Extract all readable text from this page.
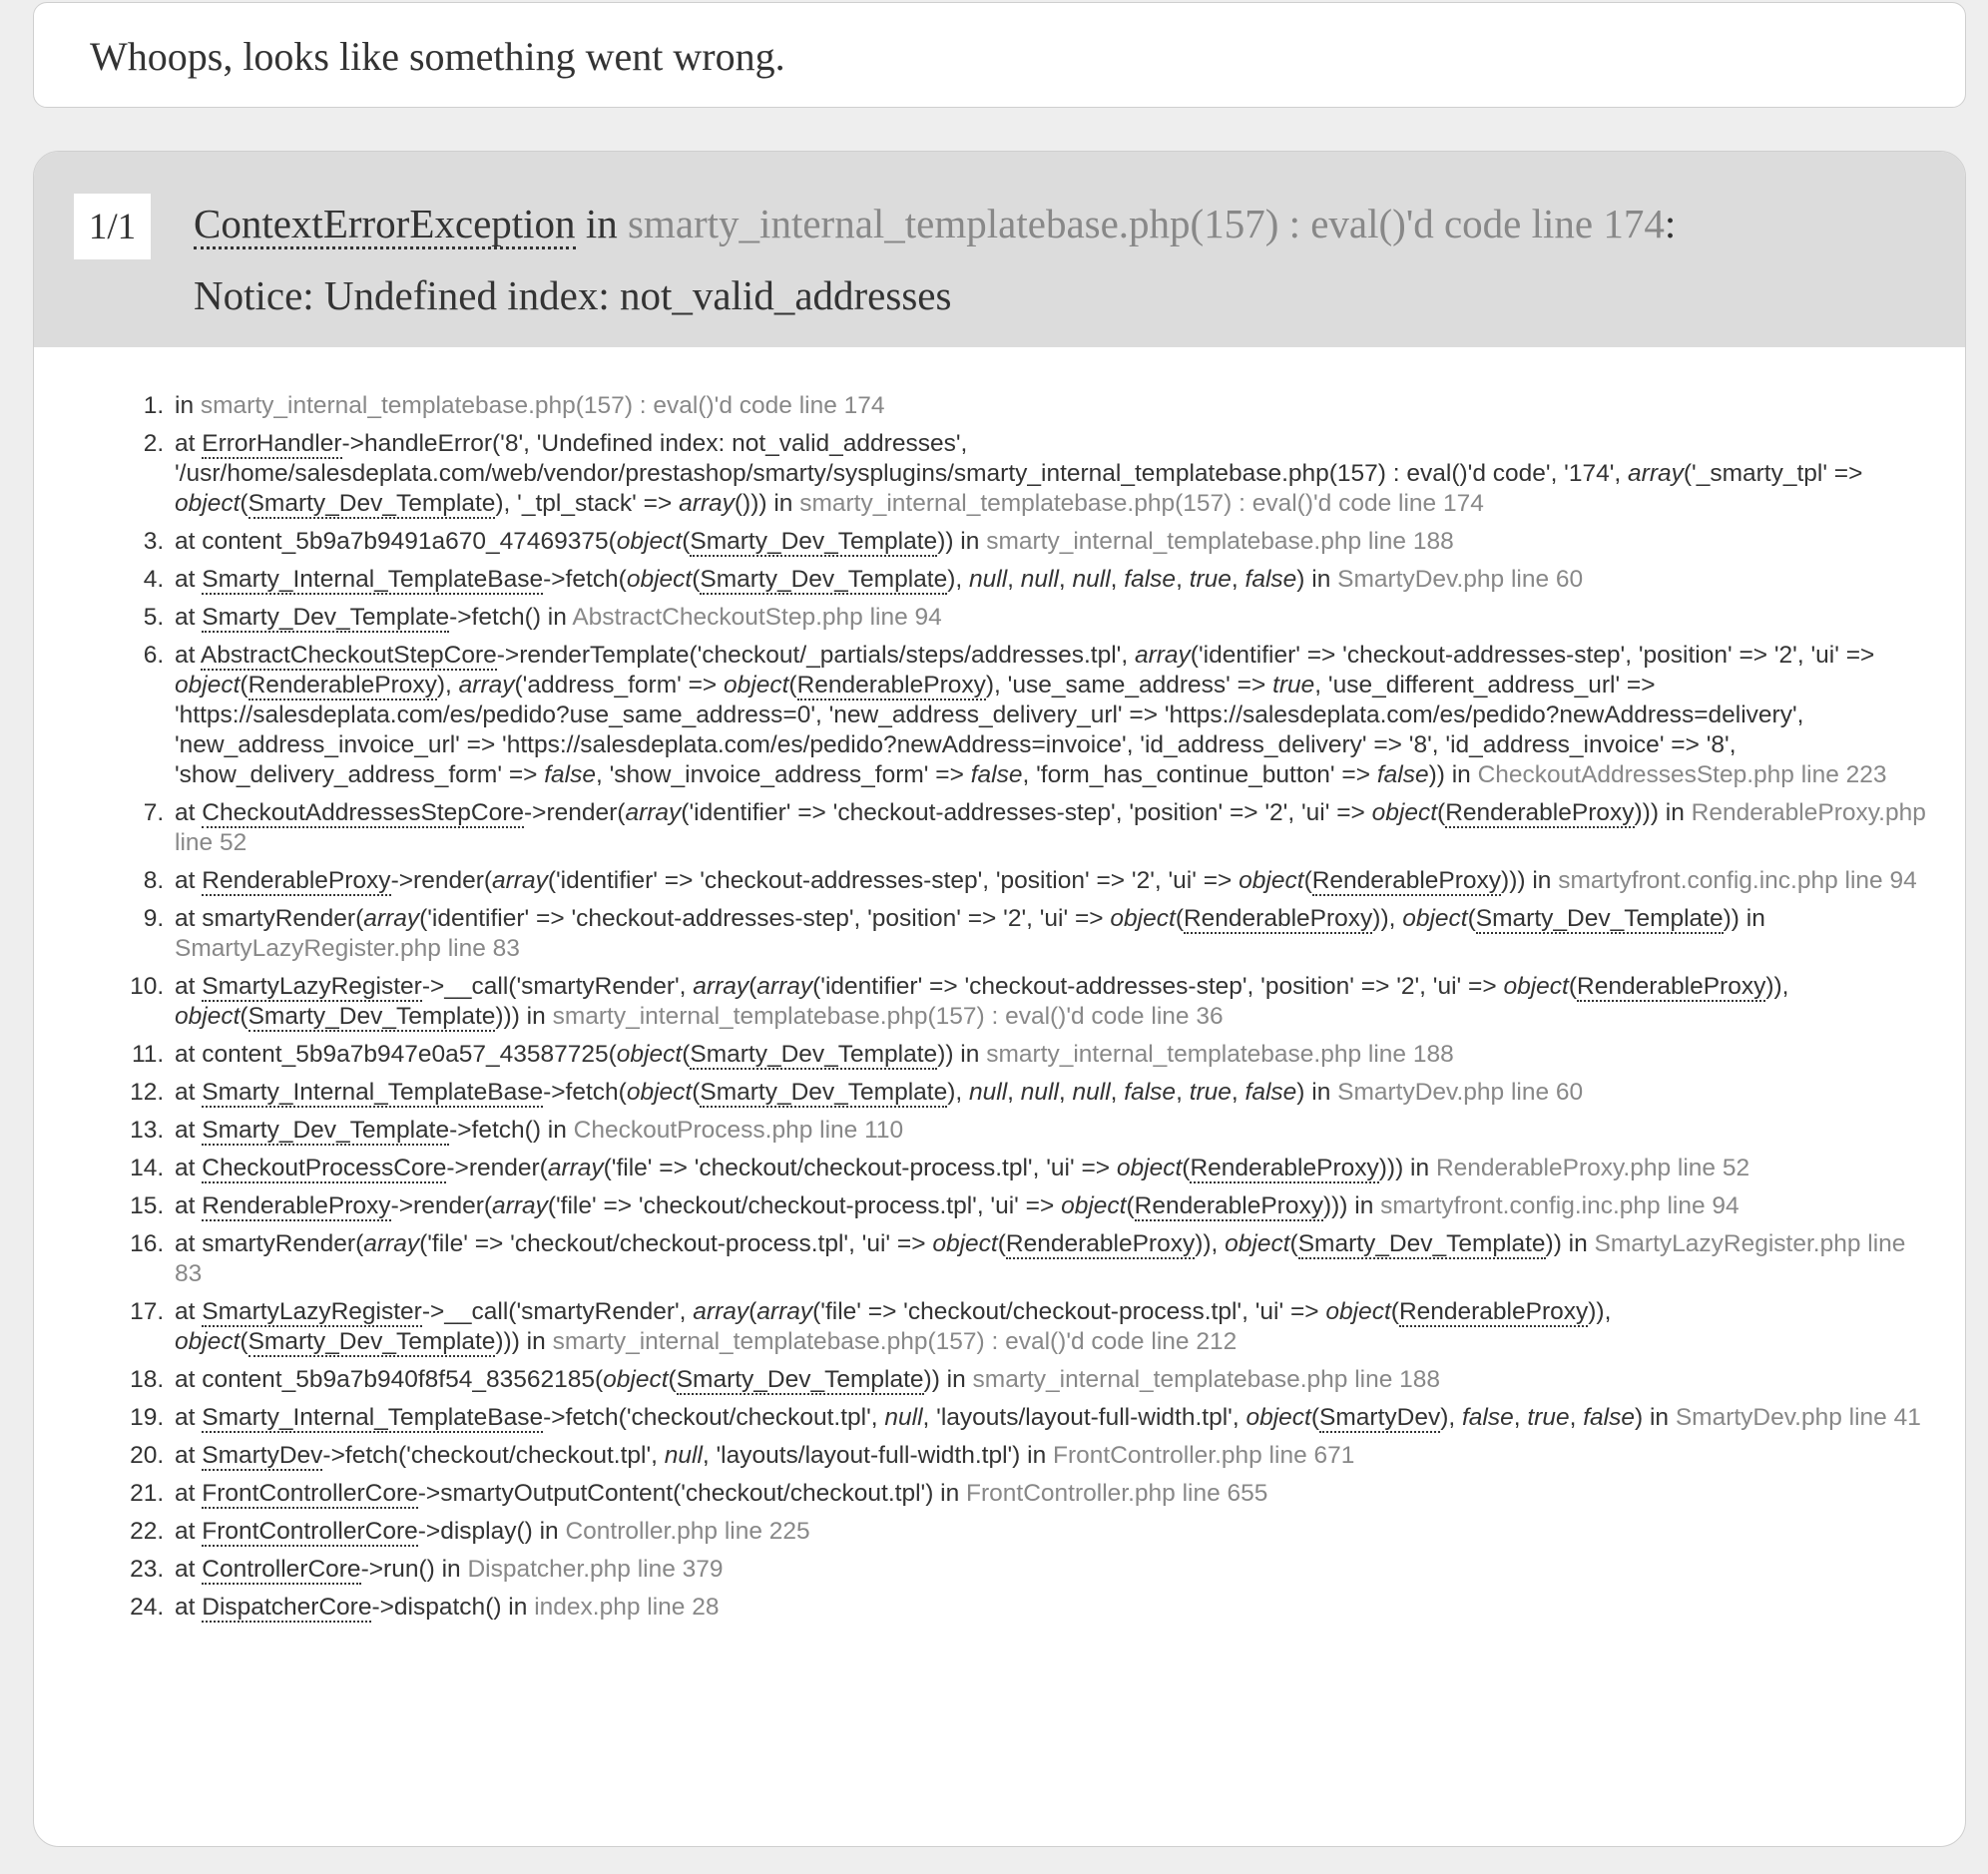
Whoops, looks like something went wrong.
1/1	ContextErrorException in smarty_internal_templatebase.php(157) : eval()'d code line 174:
Notice: Undefined index: not_valid_addresses
1. in smarty_internal_templatebase.php(157) : eval()'d code line 174
2. at ErrorHandler->handleError('8', 'Undefined index: not_valid_addresses', '/usr/home/salesdeplata.com/web/vendor/prestashop/smarty/sysplugins/smarty_internal_templatebase.php(157) : eval()'d code', '174', array('_smarty_tpl' => object(Smarty_Dev_Template), '_tpl_stack' => array())) in smarty_internal_templatebase.php(157) : eval()'d code line 174
3. at content_5b9a7b9491a670_47469375(object(Smarty_Dev_Template)) in smarty_internal_templatebase.php line 188
4. at Smarty_Internal_TemplateBase->fetch(object(Smarty_Dev_Template), null, null, null, false, true, false) in SmartyDev.php line 60
5. at Smarty_Dev_Template->fetch() in AbstractCheckoutStep.php line 94
6. at AbstractCheckoutStepCore->renderTemplate('checkout/_partials/steps/addresses.tpl', array('identifier' => 'checkout-addresses-step', 'position' => '2', 'ui' => object(RenderableProxy), array('address_form' => object(RenderableProxy), 'use_same_address' => true, 'use_different_address_url' => 'https://salesdeplata.com/es/pedido?use_same_address=0', 'new_address_delivery_url' => 'https://salesdeplata.com/es/pedido?newAddress=delivery', 'new_address_invoice_url' => 'https://salesdeplata.com/es/pedido?newAddress=invoice', 'id_address_delivery' => '8', 'id_address_invoice' => '8', 'show_delivery_address_form' => false, 'show_invoice_address_form' => false, 'form_has_continue_button' => false)) in CheckoutAddressesStep.php line 223
7. at CheckoutAddressesStepCore->render(array('identifier' => 'checkout-addresses-step', 'position' => '2', 'ui' => object(RenderableProxy))) in RenderableProxy.php line 52
8. at RenderableProxy->render(array('identifier' => 'checkout-addresses-step', 'position' => '2', 'ui' => object(RenderableProxy))) in smartyfront.config.inc.php line 94
9. at smartyRender(array('identifier' => 'checkout-addresses-step', 'position' => '2', 'ui' => object(RenderableProxy)), object(Smarty_Dev_Template)) in SmartyLazyRegister.php line 83
10. at SmartyLazyRegister->__call('smartyRender', array(array('identifier' => 'checkout-addresses-step', 'position' => '2', 'ui' => object(RenderableProxy)), object(Smarty_Dev_Template))) in smarty_internal_templatebase.php(157) : eval()'d code line 36
11. at content_5b9a7b947e0a57_43587725(object(Smarty_Dev_Template)) in smarty_internal_templatebase.php line 188
12. at Smarty_Internal_TemplateBase->fetch(object(Smarty_Dev_Template), null, null, null, false, true, false) in SmartyDev.php line 60
13. at Smarty_Dev_Template->fetch() in CheckoutProcess.php line 110
14. at CheckoutProcessCore->render(array('file' => 'checkout/checkout-process.tpl', 'ui' => object(RenderableProxy))) in RenderableProxy.php line 52
15. at RenderableProxy->render(array('file' => 'checkout/checkout-process.tpl', 'ui' => object(RenderableProxy))) in smartyfront.config.inc.php line 94
16. at smartyRender(array('file' => 'checkout/checkout-process.tpl', 'ui' => object(RenderableProxy)), object(Smarty_Dev_Template)) in SmartyLazyRegister.php line 83
17. at SmartyLazyRegister->__call('smartyRender', array(array('file' => 'checkout/checkout-process.tpl', 'ui' => object(RenderableProxy)), object(Smarty_Dev_Template))) in smarty_internal_templatebase.php(157) : eval()'d code line 212
18. at content_5b9a7b940f8f54_83562185(object(Smarty_Dev_Template)) in smarty_internal_templatebase.php line 188
19. at Smarty_Internal_TemplateBase->fetch('checkout/checkout.tpl', null, 'layouts/layout-full-width.tpl', object(SmartyDev), false, true, false) in SmartyDev.php line 41
20. at SmartyDev->fetch('checkout/checkout.tpl', null, 'layouts/layout-full-width.tpl') in FrontController.php line 671
21. at FrontControllerCore->smartyOutputContent('checkout/checkout.tpl') in FrontController.php line 655
22. at FrontControllerCore->display() in Controller.php line 225
23. at ControllerCore->run() in Dispatcher.php line 379
24. at DispatcherCore->dispatch() in index.php line 28
